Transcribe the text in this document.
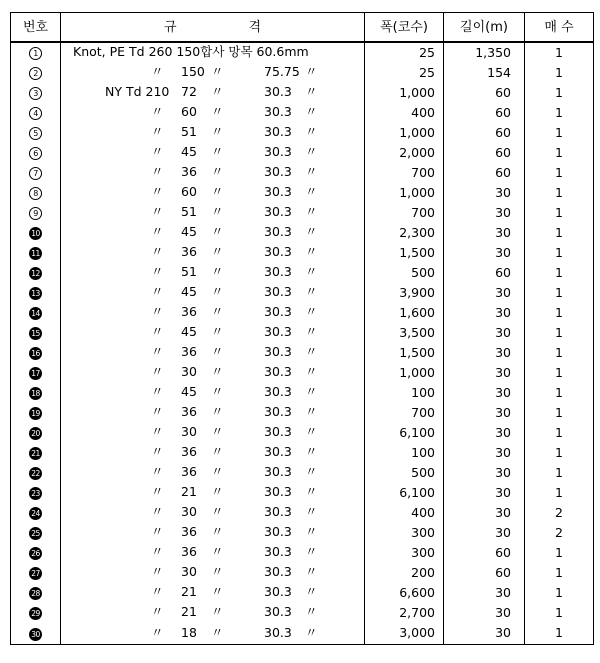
번호	규 격	폭(코수)	길이(m)	매 수
1	Knot, PE Td 260 150합사 망목 60.6mm	25	1,350	1
2	〃 150 〃 75.75 〃	25	154	1
3	NY Td 210 72 〃 30.3 〃	1,000	60	1
4	〃 60 〃 30.3 〃	400	60	1
5	〃 51 〃 30.3 〃	1,000	60	1
6	〃 45 〃 30.3 〃	2,000	60	1
7	〃 36 〃 30.3 〃	700	60	1
8	〃 60 〃 30.3 〃	1,000	30	1
9	〃 51 〃 30.3 〃	700	30	1
10	〃 45 〃 30.3 〃	2,300	30	1
11	〃 36 〃 30.3 〃	1,500	30	1
12	〃 51 〃 30.3 〃	500	60	1
13	〃 45 〃 30.3 〃	3,900	30	1
14	〃 36 〃 30.3 〃	1,600	30	1
15	〃 45 〃 30.3 〃	3,500	30	1
16	〃 36 〃 30.3 〃	1,500	30	1
17	〃 30 〃 30.3 〃	1,000	30	1
18	〃 45 〃 30.3 〃	100	30	1
19	〃 36 〃 30.3 〃	700	30	1
20	〃 30 〃 30.3 〃	6,100	30	1
21	〃 36 〃 30.3 〃	100	30	1
22	〃 36 〃 30.3 〃	500	30	1
23	〃 21 〃 30.3 〃	6,100	30	1
24	〃 30 〃 30.3 〃	400	30	2
25	〃 36 〃 30.3 〃	300	30	2
26	〃 36 〃 30.3 〃	300	60	1
27	〃 30 〃 30.3 〃	200	60	1
28	〃 21 〃 30.3 〃	6,600	30	1
29	〃 21 〃 30.3 〃	2,700	30	1
30	〃 18 〃 30.3 〃	3,000	30	1
